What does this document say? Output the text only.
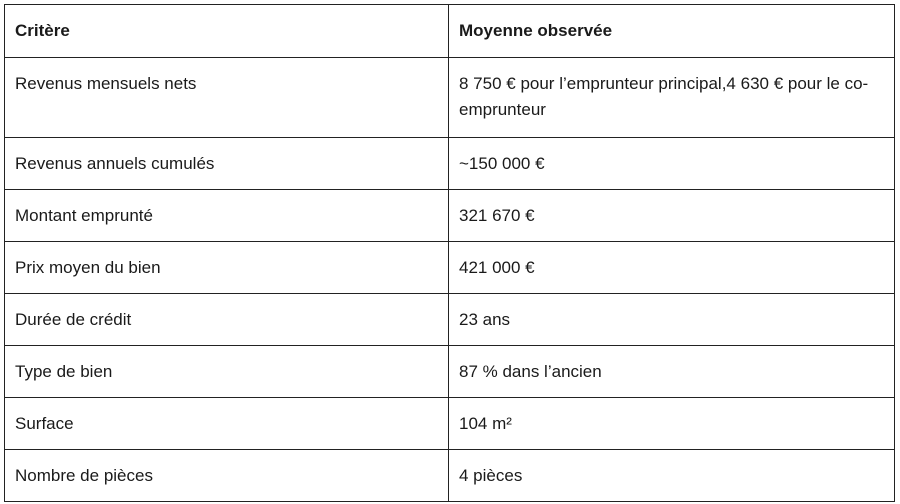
Critère	Moyenne observée
Revenus mensuels nets	8 750 € pour l’emprunteur principal,4 630 € pour le co-emprunteur
Revenus annuels cumulés	~150 000 €
Montant emprunté	321 670 €
Prix moyen du bien	421 000 €
Durée de crédit	23 ans
Type de bien	87 % dans l’ancien
Surface	104 m²
Nombre de pièces	4 pièces
